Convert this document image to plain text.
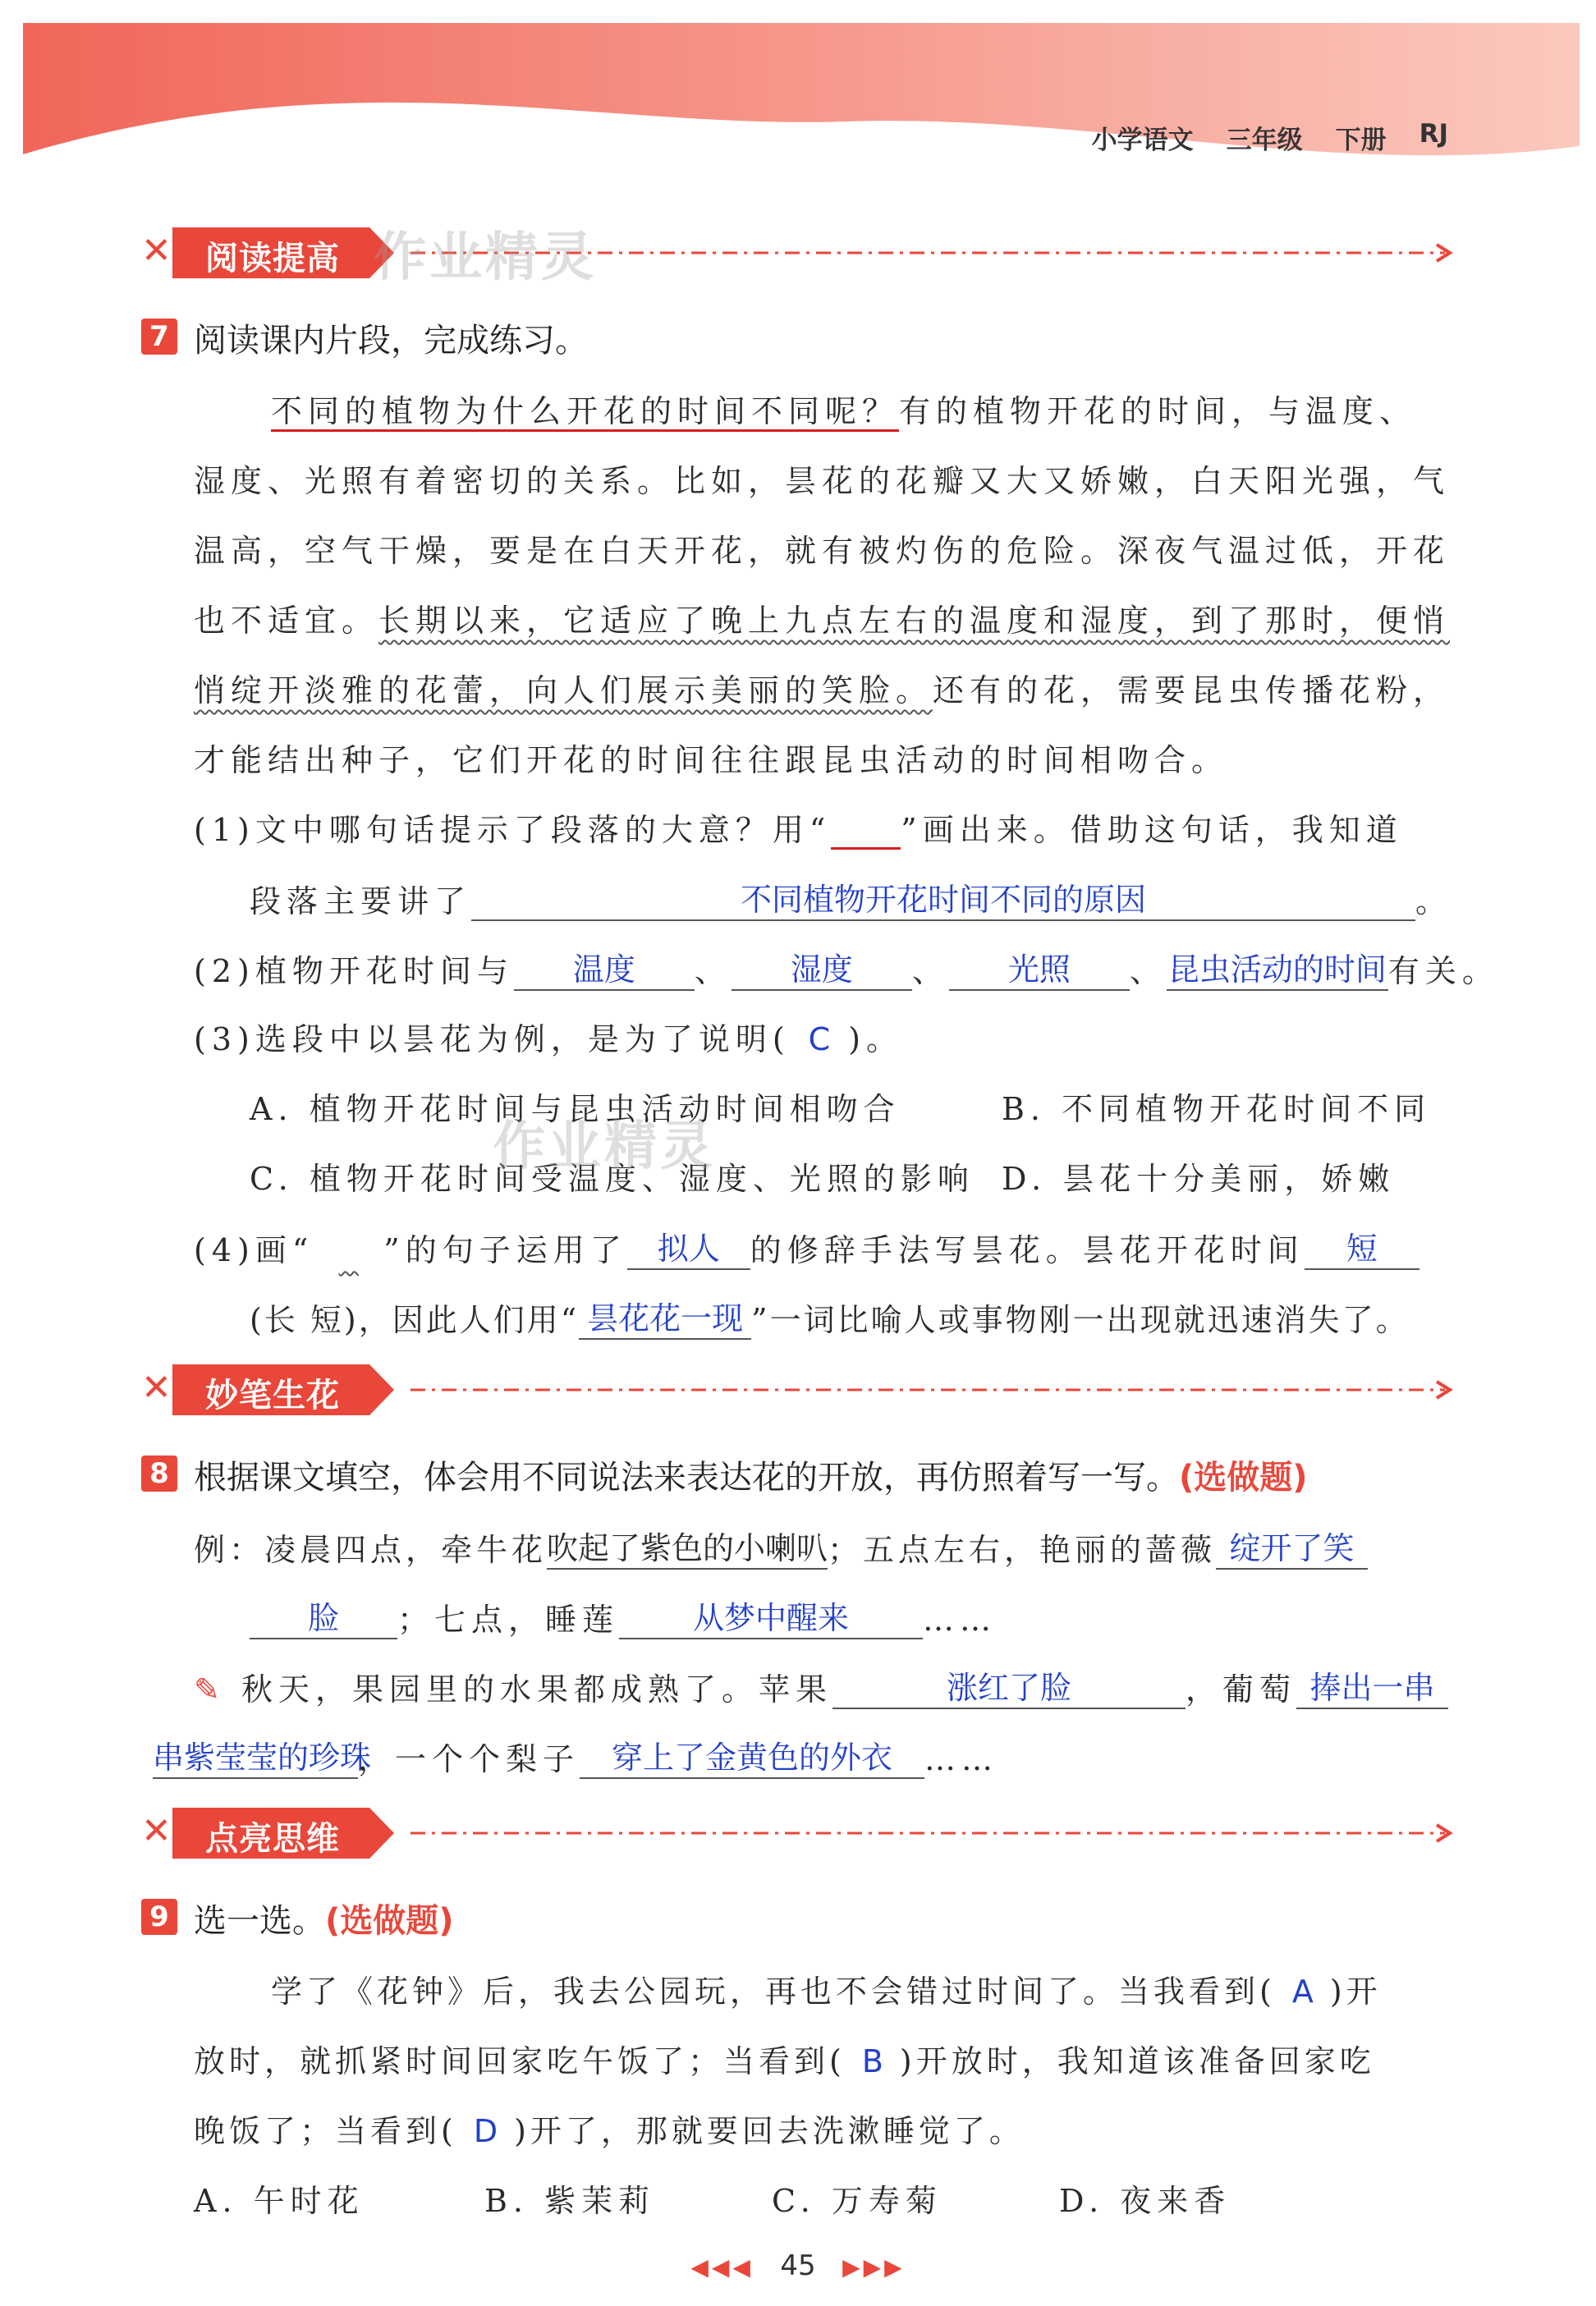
小学语文 三年级 下册 RJ
✕ 阅读提高 作业精灵
7 阅读课内片段，完成练习。
不同的植物为什么开花的时间不同呢？有的植物开花的时间，与温度、
湿度、光照有着密切的关系。比如，昙花的花瓣又大又娇嫩，白天阳光强，气
温高，空气干燥，要是在白天开花，就有被灼伤的危险。深夜气温过低，开花
也不适宜。长期以来，它适应了晚上九点左右的温度和湿度，到了那时，便悄
悄绽开淡雅的花蕾，向人们展示美丽的笑脸。还有的花，需要昆虫传播花粉，
才能结出种子，它们开花的时间往往跟昆虫活动的时间相吻合。
(1)文中哪句话提示了段落的大意？用“ ”画出来。借助这句话，我知道
段落主要讲了	不同植物开花时间不同的原因	。
(2)植物开花时间与 温度 、 湿度 、 光照 、昆虫活动的时间有关。
(3)选段中以昙花为例，是为了说明( C )。
A. 植物开花时间与昆虫活动时间相吻合	B. 不同植物开花时间不同
C. 植物开花时间受温度、湿度、光照的影响 D. 昙花十分美丽，娇嫩
作业精灵
(4)画“ ”的句子运用了 拟人 的修辞手法写昙花。昙花开花时间 短
(长 短)，因此人们用“ 昙花花一现 ”一词比喻人或事物刚一出现就迅速消失了。
✕ 妙笔生花
8 根据课文填空，体会用不同说法来表达花的开放，再仿照着写一写。(选做题)
例：凌晨四点，牵牛花吹起了紫色的小喇叭；五点左右，艳丽的蔷薇 绽开了笑
脸 ；七点，睡莲 从梦中醒来 ……
✎ 秋天，果园里的水果都成熟了。苹果	涨红了脸	，葡萄 捧出一串
串紫莹莹的珍珠，一个个梨子 穿上了金黄色的外衣 ……
✕ 点亮思维
9 选一选。(选做题)
学了《花钟》后，我去公园玩，再也不会错过时间了。当我看到( A )开
放时，就抓紧时间回家吃午饭了；当看到( B )开放时，我知道该准备回家吃
晚饭了；当看到( D )开了，那就要回去洗漱睡觉了。
A. 午时花	B. 紫茉莉	C. 万寿菊	D. 夜来香
◀◀◀ 45 ▶▶▶
